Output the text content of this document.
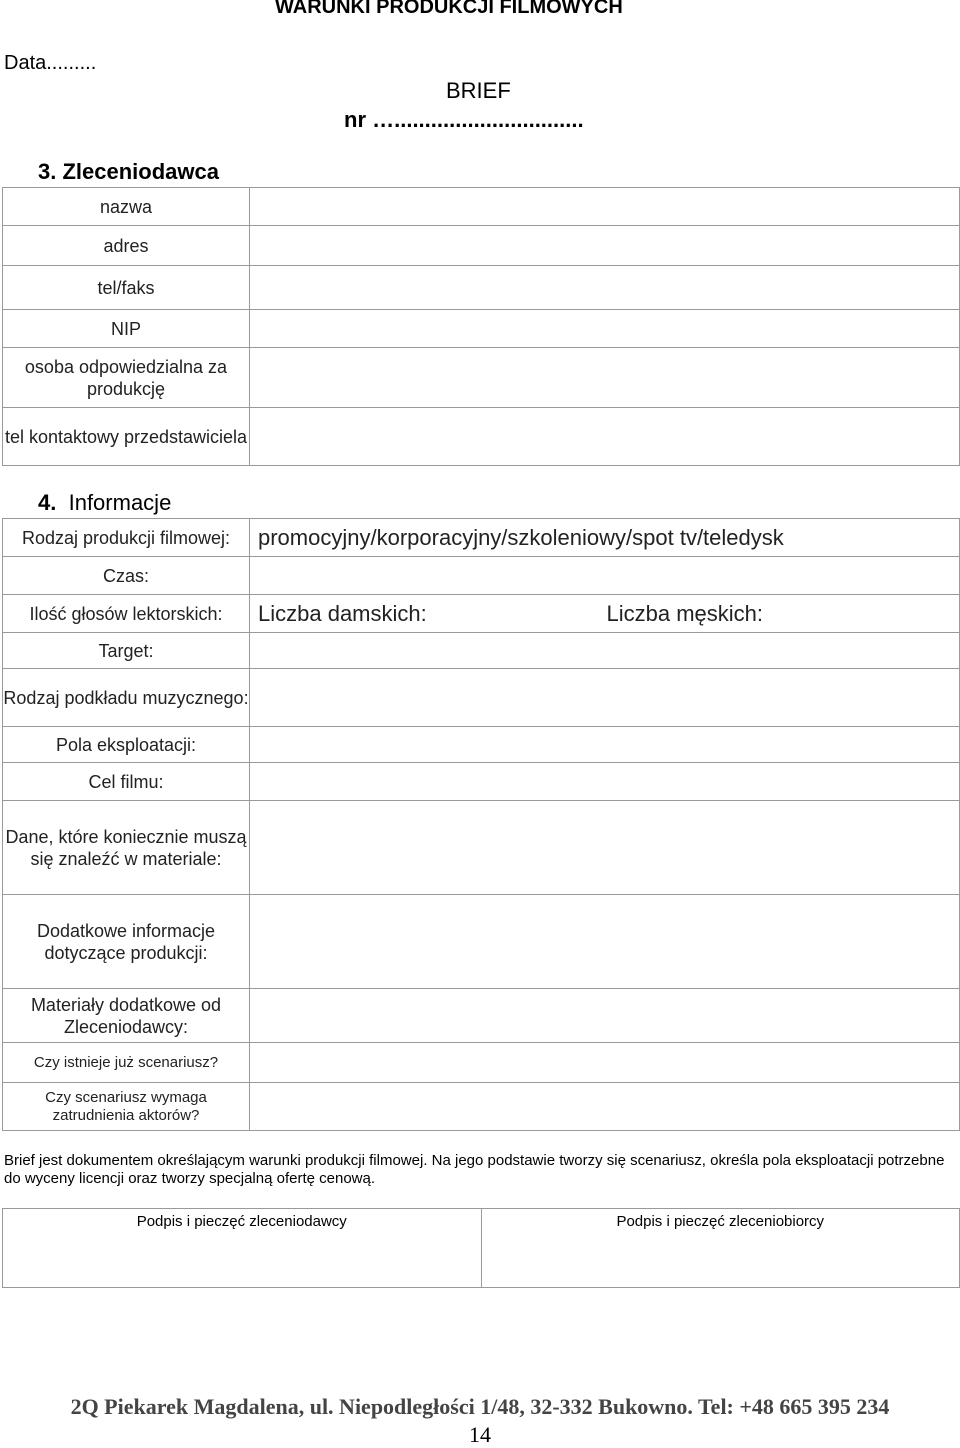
WARUNKI PRODUKCJI FILMOWYCH
Data.........
BRIEF
nr …...............................
3. Zleceniodawca
nazwa	
adres	
tel/faks	
NIP	
osoba odpowiedzialna za produkcję	
tel kontaktowy przedstawiciela	
4. Informacje
Rodzaj produkcji filmowej:	promocyjny/korporacyjny/szkoleniowy/spot tv/teledysk
Czas:	
Ilość głosów lektorskich:	Liczba damskich: Liczba męskich:

Target:	
Rodzaj podkładu muzycznego:	
Pola eksploatacji:	
Cel filmu:	
Dane, które koniecznie muszą się znaleźć w materiale:	
Dodatkowe informacje dotyczące produkcji:	
Materiały dodatkowe od Zleceniodawcy:	
Czy istnieje już scenariusz?	
Czy scenariusz wymaga zatrudnienia aktorów?	
Brief jest dokumentem określającym warunki produkcji filmowej. Na jego podstawie tworzy się scenariusz, określa pola eksploatacji potrzebne do wyceny licencji oraz tworzy specjalną ofertę cenową.
Podpis i pieczęć zleceniodawcy	Podpis i pieczęć zleceniobiorcy
2Q Piekarek Magdalena, ul. Niepodległości 1/48, 32-332 Bukowno. Tel: +48 665 395 234
14
